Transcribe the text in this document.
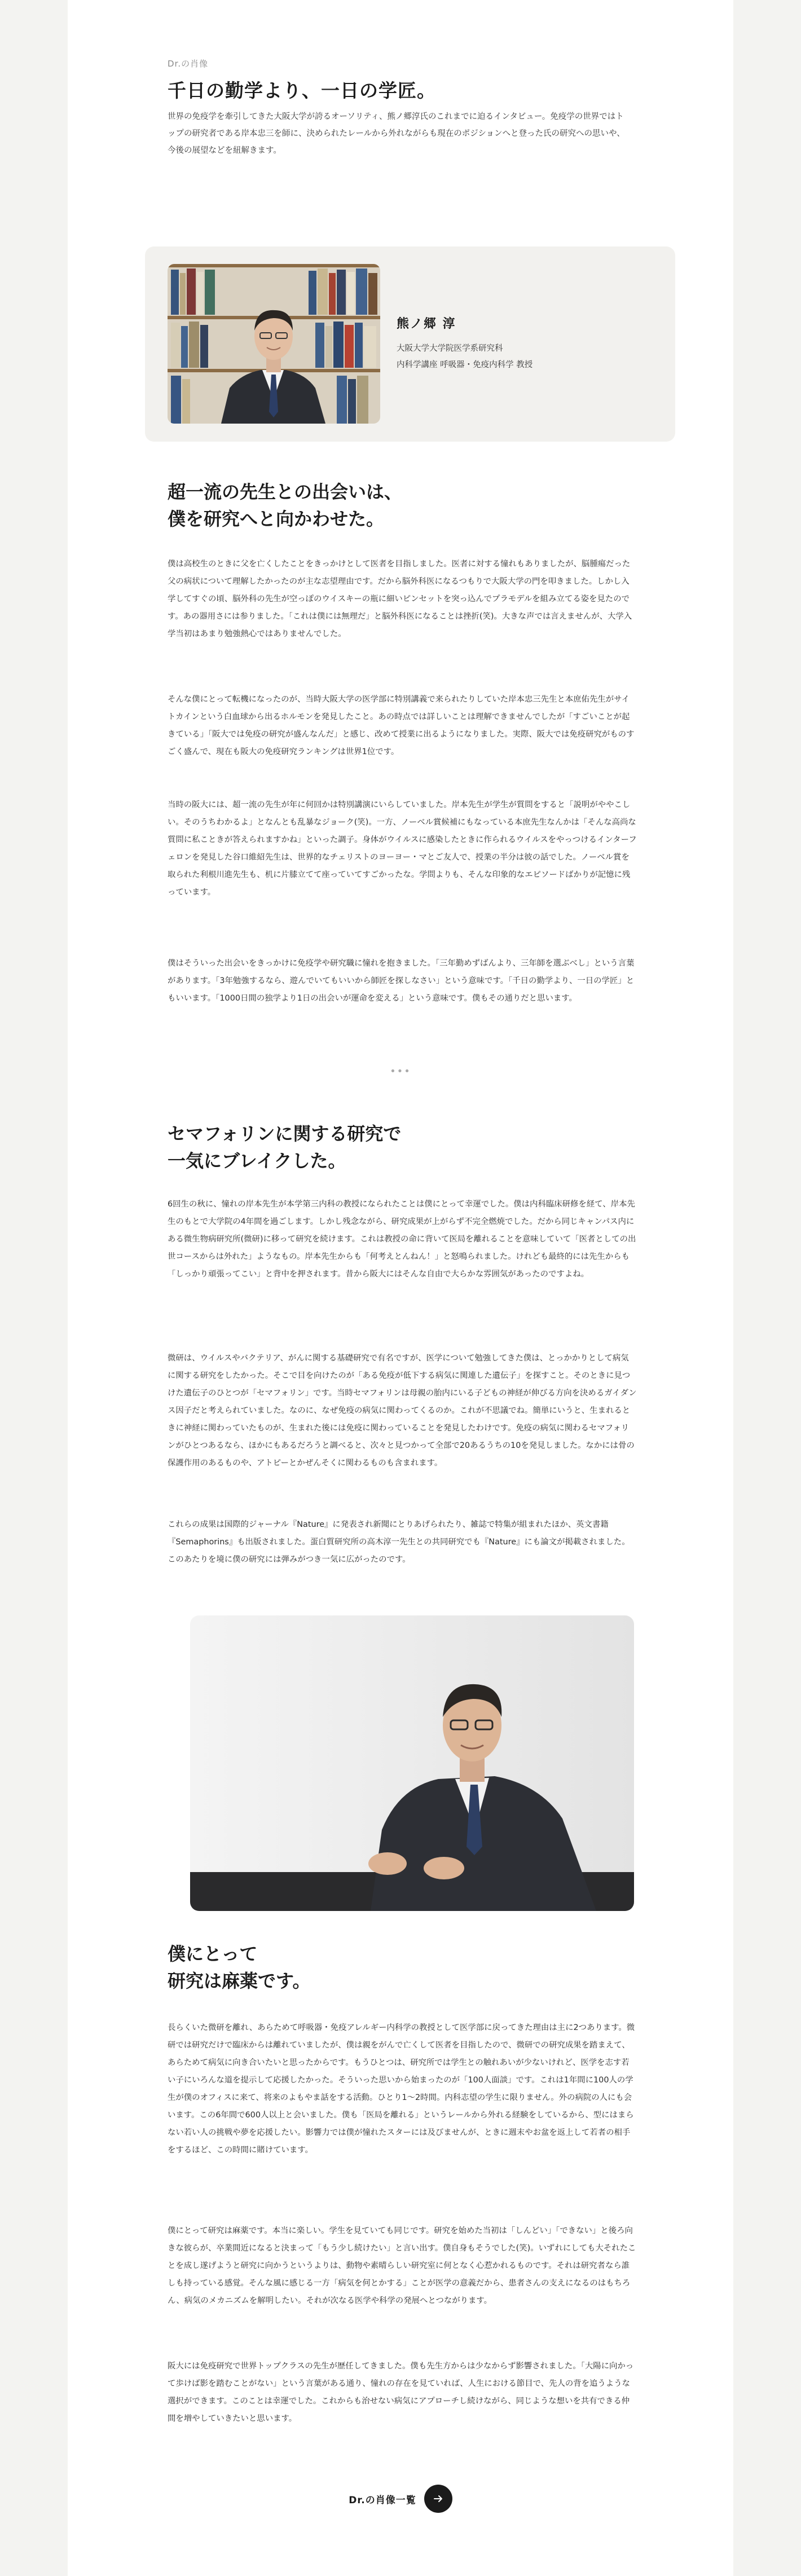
Dr.の肖像
千日の勤学より、一日の学匠。

世界の免疫学を牽引してきた大阪大学が誇るオーソリティ、熊ノ郷淳氏のこれまでに迫るインタビュー。免疫学の世界ではトップの研究者である岸本忠三を師に、決められたレールから外れながらも現在のポジションへと登った氏の研究への思いや、今後の展望などを紐解きます。

熊ノ郷 淳

大阪大学大学院医学系研究科

内科学講座 呼吸器・免疫内科学 教授

超一流の先生との出会いは、
僕を研究へと向かわせた。

僕は高校生のときに父を亡くしたことをきっかけとして医者を目指しました。医者に対する憧れもありましたが、脳腫瘍だった父の病状について理解したかったのが主な志望理由です。だから脳外科医になるつもりで大阪大学の門を叩きました。しかし入学してすぐの頃、脳外科の先生が空っぽのウイスキーの瓶に細いピンセットを突っ込んでプラモデルを組み立てる姿を見たのです。あの器用さには参りました。「これは僕には無理だ」と脳外科医になることは挫折(笑)。大きな声では言えませんが、大学入学当初はあまり勉強熱心ではありませんでした。

そんな僕にとって転機になったのが、当時大阪大学の医学部に特別講義で来られたりしていた岸本忠三先生と本庶佑先生がサイトカインという白血球から出るホルモンを発見したこと。あの時点では詳しいことは理解できませんでしたが「すごいことが起きている」「阪大では免疫の研究が盛んなんだ」と感じ、改めて授業に出るようになりました。実際、阪大では免疫研究がものすごく盛んで、現在も阪大の免疫研究ランキングは世界1位です。

当時の阪大には、超一流の先生が年に何回かは特別講演にいらしていました。岸本先生が学生が質問をすると「説明がややこしい。そのうちわかるよ」となんとも乱暴なジョーク(笑)。一方、ノーベル賞候補にもなっている本庶先生なんかは「そんな高尚な質問に私こときが答えられますかね」といった調子。身体がウイルスに感染したときに作られるウイルスをやっつけるインターフェロンを発見した谷口維紹先生は、世界的なチェリストのヨーヨー・マとご友人で、授業の半分は彼の話でした。ノーベル賞を取られた利根川進先生も、机に片膝立てて座っていてすごかったな。学問よりも、そんな印象的なエピソードばかりが記憶に残っています。

僕はそういった出会いをきっかけに免疫学や研究職に憧れを抱きました。「三年勤めずばんより、三年師を選ぶべし」という言葉があります。「3年勉強するなら、遊んでいてもいいから師匠を探しなさい」という意味です。「千日の勤学より、一日の学匠」ともいいます。「1000日間の独学より1日の出会いが運命を変える」という意味です。僕もその通りだと思います。

•••
セマフォリンに関する研究で
一気にブレイクした。

6回生の秋に、憧れの岸本先生が本学第三内科の教授になられたことは僕にとって幸運でした。僕は内科臨床研修を経て、岸本先生のもとで大学院の4年間を過ごします。しかし残念ながら、研究成果が上がらず不完全燃焼でした。だから同じキャンパス内にある微生物病研究所(微研)に移って研究を続けます。これは教授の命に背いて医局を離れることを意味していて「医者としての出世コースからは外れた」ようなもの。岸本先生からも「何考えとんねん！」と怒鳴られました。けれども最終的には先生からも「しっかり頑張ってこい」と背中を押されます。昔から阪大にはそんな自由で大らかな雰囲気があったのですよね。

微研は、ウイルスやバクテリア、がんに関する基礎研究で有名ですが、医学について勉強してきた僕は、とっかかりとして病気に関する研究をしたかった。そこで目を向けたのが「ある免疫が低下する病気に関連した遺伝子」を探すこと。そのときに見つけた遺伝子のひとつが「セマフォリン」です。当時セマフォリンは母親の胎内にいる子どもの神経が伸びる方向を決めるガイダンス因子だと考えられていました。なのに、なぜ免疫の病気に関わってくるのか。これが不思議でね。簡単にいうと、生まれるときに神経に関わっていたものが、生まれた後には免疫に関わっていることを発見したわけです。免疫の病気に関わるセマフォリンがひとつあるなら、ほかにもあるだろうと調べると、次々と見つかって全部で20あるうちの10を発見しました。なかには骨の保護作用のあるものや、アトピーとかぜんそくに関わるものも含まれます。

これらの成果は国際的ジャーナル『Nature』に発表され新聞にとりあげられたり、雑誌で特集が組まれたほか、英文書籍『Semaphorins』も出版されました。蛋白質研究所の高木淳一先生との共同研究でも『Nature』にも論文が掲載されました。このあたりを境に僕の研究には弾みがつき一気に広がったのです。

僕にとって
研究は麻薬です。

長らくいた微研を離れ、あらためて呼吸器・免疫アレルギー内科学の教授として医学部に戻ってきた理由は主に2つあります。微研では研究だけで臨床からは離れていましたが、僕は親をがんで亡くして医者を目指したので、微研での研究成果を踏まえて、あらためて病気に向き合いたいと思ったからです。もうひとつは、研究所では学生との触れあいが少ないけれど、医学を志す若い子にいろんな道を提示して応援したかった。そういった思いから始まったのが「100人面談」です。これは1年間に100人の学生が僕のオフィスに来て、将来のよもやま話をする活動。ひとり1～2時間。内科志望の学生に限りません。外の病院の人にも会います。この6年間で600人以上と会いました。僕も「医局を離れる」というレールから外れる経験をしているから、型にはまらない若い人の挑戦や夢を応援したい。影響力では僕が憧れたスターには及びませんが、ときに週末やお盆を返上して若者の相手をするほど、この時間に賭けています。

僕にとって研究は麻薬です。本当に楽しい。学生を見ていても同じです。研究を始めた当初は「しんどい」「できない」と後ろ向きな彼らが、卒業間近になると決まって「もう少し続けたい」と言い出す。僕自身もそうでした(笑)。いずれにしても大それたことを成し遂げようと研究に向かうというよりは、動物や素晴らしい研究室に何となく心惹かれるものです。それは研究者なら誰しも持っている感覚。そんな風に感じる一方「病気を何とかする」ことが医学の意義だから、患者さんの支えになるのはもちろん、病気のメカニズムを解明したい。それが次なる医学や科学の発展へとつながります。

阪大には免疫研究で世界トップクラスの先生が歴任してきました。僕も先生方からは少なからず影響されました。「大陽に向かって歩けば影を踏むことがない」という言葉がある通り、憧れの存在を見ていれば、人生における節目で、先人の背を追うような選択ができます。このことは幸運でした。これからも治せない病気にアプローチし続けながら、同じような想いを共有できる仲間を増やしていきたいと思います。

Dr.の肖像一覧
